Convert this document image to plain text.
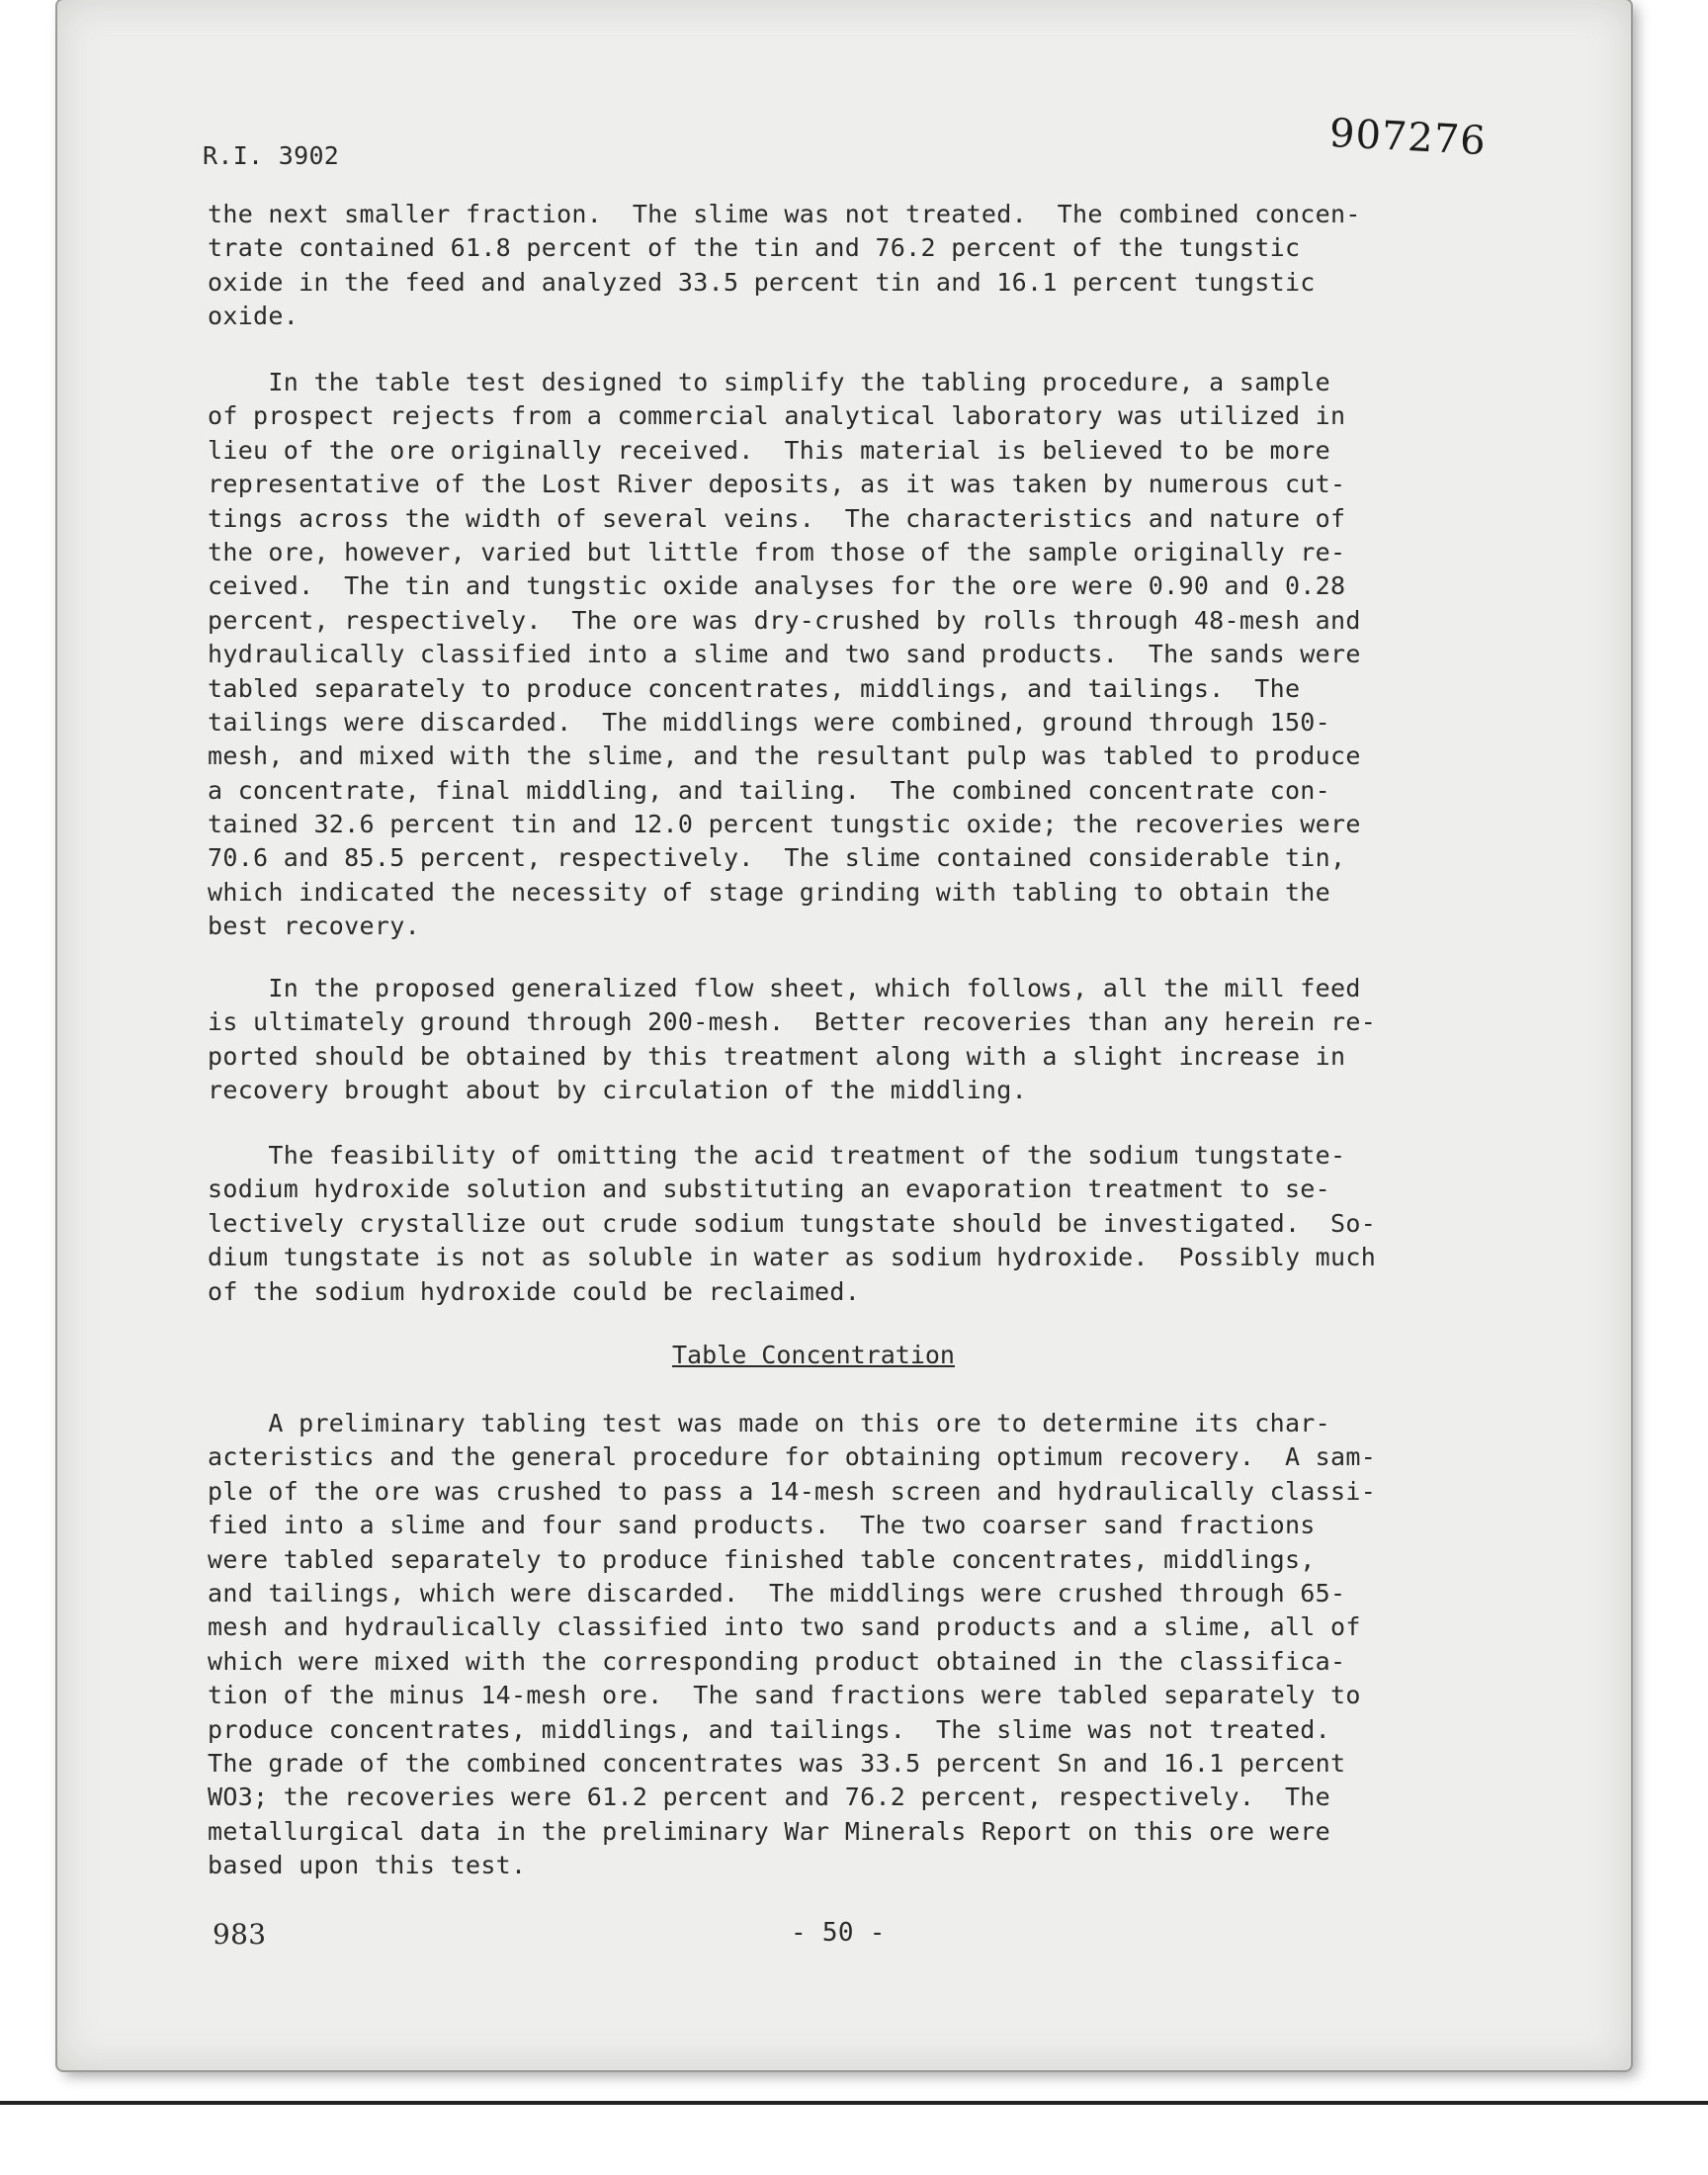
R.I. 3902	907276
the next smaller fraction.  The slime was not treated.  The combined concen-
trate contained 61.8 percent of the tin and 76.2 percent of the tungstic
oxide in the feed and analyzed 33.5 percent tin and 16.1 percent tungstic
oxide.
In the table test designed to simplify the tabling procedure, a sample
of prospect rejects from a commercial analytical laboratory was utilized in
lieu of the ore originally received.  This material is believed to be more
representative of the Lost River deposits, as it was taken by numerous cut-
tings across the width of several veins.  The characteristics and nature of
the ore, however, varied but little from those of the sample originally re-
ceived.  The tin and tungstic oxide analyses for the ore were 0.90 and 0.28
percent, respectively.  The ore was dry-crushed by rolls through 48-mesh and
hydraulically classified into a slime and two sand products.  The sands were
tabled separately to produce concentrates, middlings, and tailings.  The
tailings were discarded.  The middlings were combined, ground through 150-
mesh, and mixed with the slime, and the resultant pulp was tabled to produce
a concentrate, final middling, and tailing.  The combined concentrate con-
tained 32.6 percent tin and 12.0 percent tungstic oxide; the recoveries were
70.6 and 85.5 percent, respectively.  The slime contained considerable tin,
which indicated the necessity of stage grinding with tabling to obtain the
best recovery.
In the proposed generalized flow sheet, which follows, all the mill feed
is ultimately ground through 200-mesh.  Better recoveries than any herein re-
ported should be obtained by this treatment along with a slight increase in
recovery brought about by circulation of the middling.
The feasibility of omitting the acid treatment of the sodium tungstate-
sodium hydroxide solution and substituting an evaporation treatment to se-
lectively crystallize out crude sodium tungstate should be investigated.  So-
dium tungstate is not as soluble in water as sodium hydroxide.  Possibly much
of the sodium hydroxide could be reclaimed.
Table Concentration
A preliminary tabling test was made on this ore to determine its char-
acteristics and the general procedure for obtaining optimum recovery.  A sam-
ple of the ore was crushed to pass a 14-mesh screen and hydraulically classi-
fied into a slime and four sand products.  The two coarser sand fractions
were tabled separately to produce finished table concentrates, middlings,
and tailings, which were discarded.  The middlings were crushed through 65-
mesh and hydraulically classified into two sand products and a slime, all of
which were mixed with the corresponding product obtained in the classifica-
tion of the minus 14-mesh ore.  The sand fractions were tabled separately to
produce concentrates, middlings, and tailings.  The slime was not treated.
The grade of the combined concentrates was 33.5 percent Sn and 16.1 percent
WO3; the recoveries were 61.2 percent and 76.2 percent, respectively.  The
metallurgical data in the preliminary War Minerals Report on this ore were
based upon this test.
983	- 50 -
